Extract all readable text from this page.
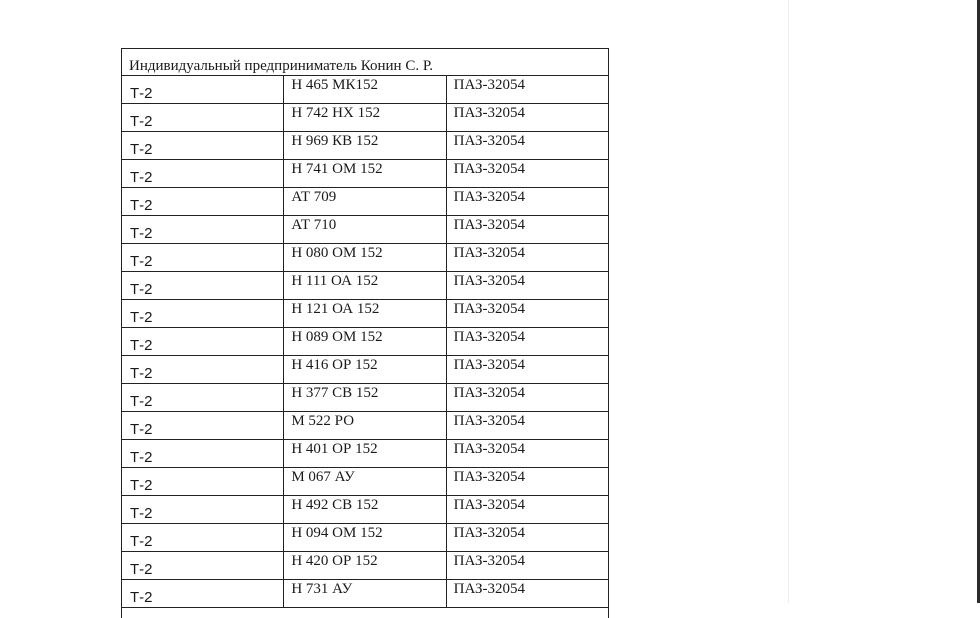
Индивидуальный предприниматель Конин С. Р.		
Т-2	Н 465 МК152	ПАЗ-32054
Т-2	Н 742 НХ 152	ПАЗ-32054
Т-2	Н 969 КВ 152	ПАЗ-32054
Т-2	Н 741 ОМ 152	ПАЗ-32054
Т-2	АТ 709	ПАЗ-32054
Т-2	АТ 710	ПАЗ-32054
Т-2	Н 080 ОМ 152	ПАЗ-32054
Т-2	Н 111 ОА 152	ПАЗ-32054
Т-2	Н 121 ОА 152	ПАЗ-32054
Т-2	Н 089 ОМ 152	ПАЗ-32054
Т-2	Н 416 ОР 152	ПАЗ-32054
Т-2	Н 377 СВ 152	ПАЗ-32054
Т-2	М 522 РО	ПАЗ-32054
Т-2	Н 401 ОР 152	ПАЗ-32054
Т-2	М 067 АУ	ПАЗ-32054
Т-2	Н 492 СВ 152	ПАЗ-32054
Т-2	Н 094 ОМ 152	ПАЗ-32054
Т-2	Н 420 ОР 152	ПАЗ-32054
Т-2	Н 731 АУ	ПАЗ-32054
